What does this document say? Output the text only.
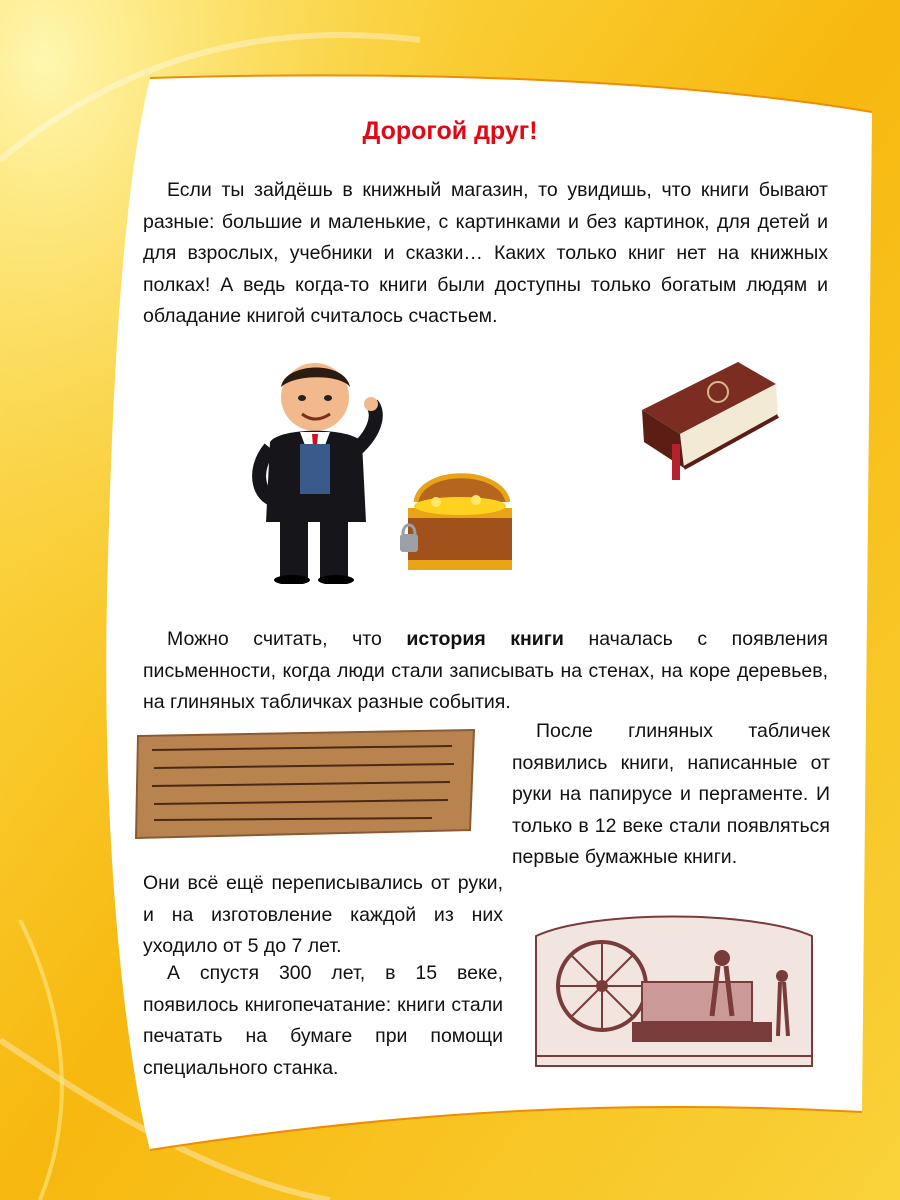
Дорогой друг!

Если ты зайдёшь в книжный магазин, то увидишь, что книги бывают разные: большие и маленькие, с картинками и без картинок, для детей и для взрослых, учебники и сказки… Каких только книг нет на книжных полках! А ведь когда-то книги были доступны только богатым людям и обладание книгой считалось счастьем.

Можно считать, что история книги началась с появления письменности, когда люди стали записывать на стенах, на коре деревьев, на глиняных табличках разные события.

После глиняных табличек появились книги, написанные от руки на папирусе и пергаменте. И только в 12 веке стали появляться первые бумажные книги.

Они всё ещё переписывались от руки, и на изготовление каждой из них уходило от 5 до 7 лет.

А спустя 300 лет, в 15 веке, появилось книгопечатание: книги стали печатать на бумаге при помощи специального станка.
